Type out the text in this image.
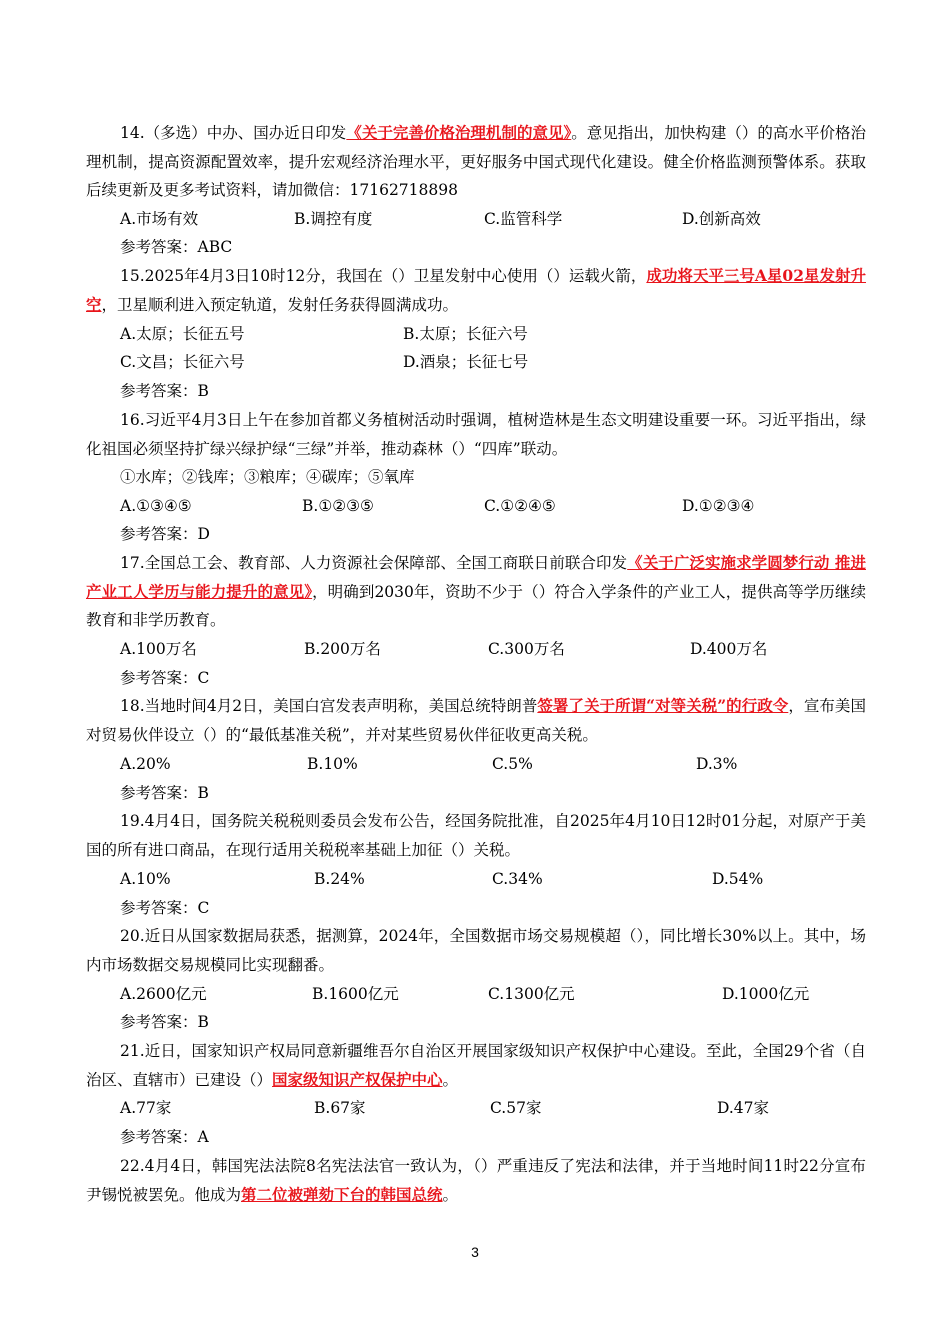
14.（多选）中办、国办近日印发《关于完善价格治理机制的意见》。意见指出，加快构建（）的高水平价格治理机制，提高资源配置效率，提升宏观经济治理水平，更好服务中国式现代化建设。健全价格监测预警体系。获取后续更新及更多考试资料，请加微信：17162718898

A.市场有效	B.调控有度	C.监管科学	D.创新高效
参考答案：ABC

15.2025年4月3日10时12分，我国在（）卫星发射中心使用（）运载火箭，成功将天平三号A星02星发射升空，卫星顺利进入预定轨道，发射任务获得圆满成功。

A.太原；长征五号	B.太原；长征六号
C.文昌；长征六号	D.酒泉；长征七号
参考答案：B

16.习近平4月3日上午在参加首都义务植树活动时强调，植树造林是生态文明建设重要一环。习近平指出，绿化祖国必须坚持扩绿兴绿护绿“三绿”并举，推动森林（）“四库”联动。

①水库；②钱库；③粮库；④碳库；⑤氧库
A.①③④⑤	B.①②③⑤	C.①②④⑤	D.①②③④
参考答案：D

17.全国总工会、教育部、人力资源社会保障部、全国工商联日前联合印发《关于广泛实施求学圆梦行动 推进产业工人学历与能力提升的意见》，明确到2030年，资助不少于（）符合入学条件的产业工人，提供高等学历继续教育和非学历教育。

A.100万名	B.200万名	C.300万名	D.400万名
参考答案：C

18.当地时间4月2日，美国白宫发表声明称，美国总统特朗普签署了关于所谓“对等关税”的行政令，宣布美国对贸易伙伴设立（）的“最低基准关税”，并对某些贸易伙伴征收更高关税。

A.20%	B.10%	C.5%	D.3%
参考答案：B

19.4月4日，国务院关税税则委员会发布公告，经国务院批准，自2025年4月10日12时01分起，对原产于美国的所有进口商品，在现行适用关税税率基础上加征（）关税。

A.10%	B.24%	C.34%	D.54%
参考答案：C

20.近日从国家数据局获悉，据测算，2024年，全国数据市场交易规模超（），同比增长30%以上。其中，场内市场数据交易规模同比实现翻番。

A.2600亿元	B.1600亿元	C.1300亿元	D.1000亿元
参考答案：B

21.近日，国家知识产权局同意新疆维吾尔自治区开展国家级知识产权保护中心建设。至此，全国29个省（自治区、直辖市）已建设（）国家级知识产权保护中心。

A.77家	B.67家	C.57家	D.47家
参考答案：A

22.4月4日，韩国宪法法院8名宪法法官一致认为，（）严重违反了宪法和法律，并于当地时间11时22分宣布尹锡悦被罢免。他成为第二位被弹劾下台的韩国总统。

3
